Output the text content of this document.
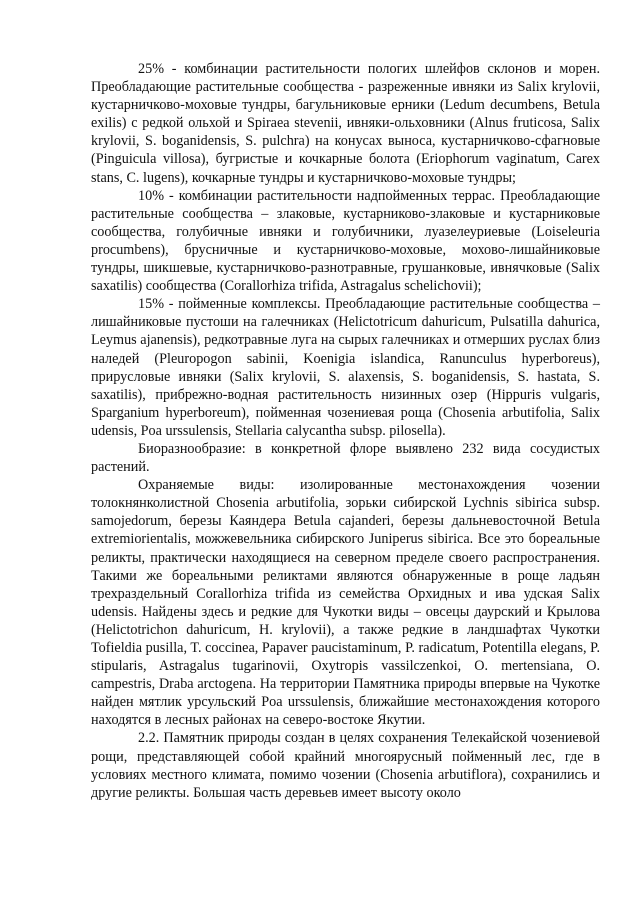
25% - комбинации растительности пологих шлейфов склонов и морен. Преобладающие растительные сообщества - разреженные ивняки из Salix krylovii, кустарничково-моховые тундры, багульниковые ерники (Ledum decumbens, Betula exilis) с редкой ольхой и Spiraea stevenii, ивняки-ольховники (Alnus fruticosa, Salix krylovii, S. boganidensis, S. pulchra) на конусах выноса, кустарничково-сфагновые (Pinguicula villosa), бугристые и кочкарные болота (Eriophorum vaginatum, Carex stans, C. lugens), кочкарные тундры и кустарничково-моховые тундры;

10% - комбинации растительности надпойменных террас. Преобладающие растительные сообщества – злаковые, кустарниково-злаковые и кустарниковые сообщества, голубичные ивняки и голубичники, луазелеуриевые (Loiseleuria procumbens), брусничные и кустарничково-моховые, мохово-лишайниковые тундры, шикшевые, кустарничково-разнотравные, грушанковые, ивнячковые (Salix saxatilis) сообщества (Corallorhiza trifida, Astragalus schelichovii);

15% - пойменные комплексы. Преобладающие растительные сообщества – лишайниковые пустоши на галечниках (Helictotricum dahuricum, Pulsatilla dahurica, Leymus ajanensis), редкотравные луга на сырых галечниках и отмерших руслах близ наледей (Pleuropogon sabinii, Koenigia islandica, Ranunculus hyperboreus), прирусловые ивняки (Salix krylovii, S. alaxensis, S. boganidensis, S. hastata, S. saxatilis), прибрежно-водная растительность низинных озер (Hippuris vulgaris, Sparganium hyperboreum), пойменная чозениевая роща (Chosenia arbutifolia, Salix udensis, Poa urssulensis, Stellaria calycantha subsp. pilosella).

Биоразнообразие: в конкретной флоре выявлено 232 вида сосудистых растений.

Охраняемые виды: изолированные местонахождения чозении толокнянколистной Chosenia arbutifolia, зорьки сибирской Lychnis sibirica subsp. samojedorum, березы Каяндера Betula cajanderi, березы дальневосточной Betula extremiorientalis, можжевельника сибирского Juniperus sibirica. Все это бореальные реликты, практически находящиеся на северном пределе своего распространения. Такими же бореальными реликтами являются обнаруженные в роще ладьян трехраздельный Corallorhiza trifida из семейства Орхидных и ива удская Salix udensis. Найдены здесь и редкие для Чукотки виды – овсецы даурский и Крылова (Helictotrichon dahuricum, H. krylovii), а также редкие в ландшафтах Чукотки Tofieldia pusilla, T. coccinea, Papaver paucistaminum, P. radicatum, Potentilla elegans, P. stipularis, Astragalus tugarinovii, Oxytropis vassilczenkoi, O. mertensiana, O. campestris, Draba arctogena. На территории Памятника природы впервые на Чукотке найден мятлик урсульский Poa urssulensis, ближайшие местонахождения которого находятся в лесных районах на северо-востоке Якутии.

2.2. Памятник природы создан в целях сохранения Телекайской чозениевой рощи, представляющей собой крайний многоярусный пойменный лес, где в условиях местного климата, помимо чозении (Chosenia arbutiflora), сохранились и другие реликты. Большая часть деревьев имеет высоту около
